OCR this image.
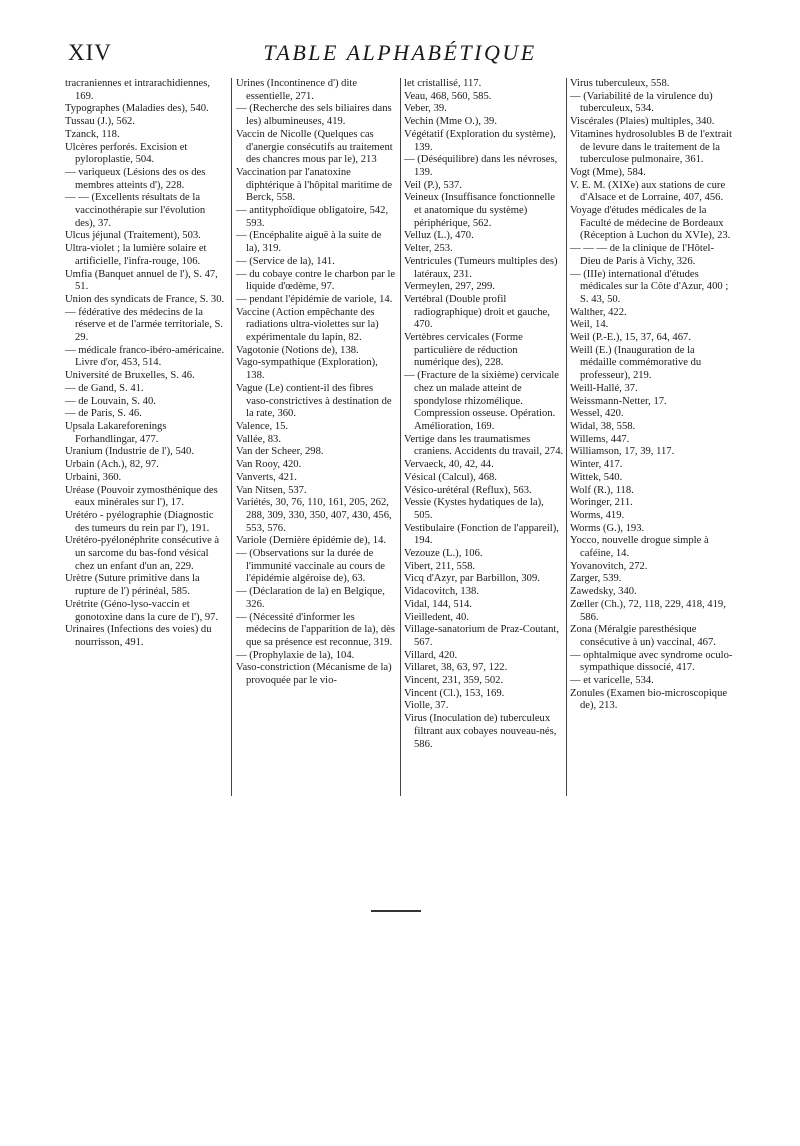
XIV	TABLE ALPHABÉTIQUE

tracraniennes et intrarachidiennes, 169.

Typographes (Maladies des), 540.

Tussau (J.), 562.

Tzanck, 118.

Ulcères perforés. Excision et pyloroplastie, 504.

— variqueux (Lésions des os des membres atteints d'), 228.

— — (Excellents résultats de la vaccinothérapie sur l'évolution des), 37.

Ulcus jéjunal (Traitement), 503.

Ultra-violet ; la lumière solaire et artificielle, l'infra-rouge, 106.

Umfia (Banquet annuel de l'), S. 47, 51.

Union des syndicats de France, S. 30.

— fédérative des médecins de la réserve et de l'armée territoriale, S. 29.

— médicale franco-ibéro-américaine. Livre d'or, 453, 514.

Université de Bruxelles, S. 46.

— de Gand, S. 41.

— de Louvain, S. 40.

— de Paris, S. 46.

Upsala Lakareforenings Forhandlingar, 477.

Uranium (Industrie de l'), 540.

Urbain (Ach.), 82, 97.

Urbaini, 360.

Uréase (Pouvoir zymosthénique des eaux minérales sur l'), 17.

Urétéro - pyélographie (Diagnostic des tumeurs du rein par l'), 191.

Urétéro-pyélonéphrite consécutive à un sarcome du bas-fond vésical chez un enfant d'un an, 229.

Urètre (Suture primitive dans la rupture de l') périnéal, 585.

Urétrite (Géno-lyso-vaccin et gonotoxine dans la cure de l'), 97.

Urinaires (Infections des voies) du nourrisson, 491.

Urines (Incontinence d') dite essentielle, 271.

— (Recherche des sels biliaires dans les) albumineuses, 419.

Vaccin de Nicolle (Quelques cas d'anergie consécutifs au traitement des chancres mous par le), 213

Vaccination par l'anatoxine diphtérique à l'hôpital maritime de Berck, 558.

— antityphoïdique obligatoire, 542, 593.

— (Encéphalite aiguë à la suite de la), 319.

— (Service de la), 141.

— du cobaye contre le charbon par le liquide d'œdème, 97.

— pendant l'épidémie de variole, 14.

Vaccine (Action empêchante des radiations ultra-violettes sur la) expérimentale du lapin, 82.

Vagotonie (Notions de), 138.

Vago-sympathique (Exploration), 138.

Vague (Le) contient-il des fibres vaso-constrictives à destination de la rate, 360.

Valence, 15.

Vallée, 83.

Van der Scheer, 298.

Van Rooy, 420.

Vanverts, 421.

Van Nitsen, 537.

Variétés, 30, 76, 110, 161, 205, 262, 288, 309, 330, 350, 407, 430, 456, 553, 576.

Variole (Dernière épidémie de), 14.

— (Observations sur la durée de l'immunité vaccinale au cours de l'épidémie algéroise de), 63.

— (Déclaration de la) en Belgique, 326.

— (Nécessité d'informer les médecins de l'apparition de la), dès que sa présence est reconnue, 319.

— (Prophylaxie de la), 104.

Vaso-constriction (Mécanisme de la) provoquée par le vio-

let cristallisé, 117.

Veau, 468, 560, 585.

Veber, 39.

Vechin (Mme O.), 39.

Végétatif (Exploration du système), 139.

— (Déséquilibre) dans les névroses, 139.

Veil (P.), 537.

Veineux (Insuffisance fonctionnelle et anatomique du système) périphérique, 562.

Velluz (L.), 470.

Velter, 253.

Ventricules (Tumeurs multiples des) latéraux, 231.

Vermeylen, 297, 299.

Vertébral (Double profil radiographique) droit et gauche, 470.

Vertèbres cervicales (Forme particulière de réduction numérique des), 228.

— (Fracture de la sixième) cervicale chez un malade atteint de spondylose rhizomélique. Compression osseuse. Opération. Amélioration, 169.

Vertige dans les traumatismes craniens. Accidents du travail, 274.

Vervaeck, 40, 42, 44.

Vésical (Calcul), 468.

Vésico-urétéral (Reflux), 563.

Vessie (Kystes hydatiques de la), 505.

Vestibulaire (Fonction de l'appareil), 194.

Vezouze (L.), 106.

Vibert, 211, 558.

Vicq d'Azyr, par Barbillon, 309.

Vidacovitch, 138.

Vidal, 144, 514.

Vieilledent, 40.

Village-sanatorium de Praz-Coutant, 567.

Villard, 420.

Villaret, 38, 63, 97, 122.

Vincent, 231, 359, 502.

Vincent (Cl.), 153, 169.

Violle, 37.

Virus (Inoculation de) tuberculeux filtrant aux cobayes nouveau-nés, 586.

Virus tuberculeux, 558.

— (Variabilité de la virulence du) tuberculeux, 534.

Viscérales (Plaies) multiples, 340.

Vitamines hydrosolubles B de l'extrait de levure dans le traitement de la tuberculose pulmonaire, 361.

Vogt (Mme), 584.

V. E. M. (XIXe) aux stations de cure d'Alsace et de Lorraine, 407, 456.

Voyage d'études médicales de la Faculté de médecine de Bordeaux (Réception à Luchon du XVIe), 23.

— — — de la clinique de l'Hôtel-Dieu de Paris à Vichy, 326.

— (IIIe) international d'études médicales sur la Côte d'Azur, 400 ; S. 43, 50.

Walther, 422.

Weil, 14.

Weil (P.-E.), 15, 37, 64, 467.

Weill (E.) (Inauguration de la médaille commémorative du professeur), 219.

Weill-Hallé, 37.

Weissmann-Netter, 17.

Wessel, 420.

Widal, 38, 558.

Willems, 447.

Williamson, 17, 39, 117.

Winter, 417.

Wittek, 540.

Wolf (R.), 118.

Woringer, 211.

Worms, 419.

Worms (G.), 193.

Yocco, nouvelle drogue simple à caféine, 14.

Yovanovitch, 272.

Zarger, 539.

Zawedsky, 340.

Zœller (Ch.), 72, 118, 229, 418, 419, 586.

Zona (Méralgie paresthésique consécutive à un) vaccinal, 467.

— ophtalmique avec syndrome oculo-sympathique dissocié, 417.

— et varicelle, 534.

Zonules (Examen bio-microscopique de), 213.
